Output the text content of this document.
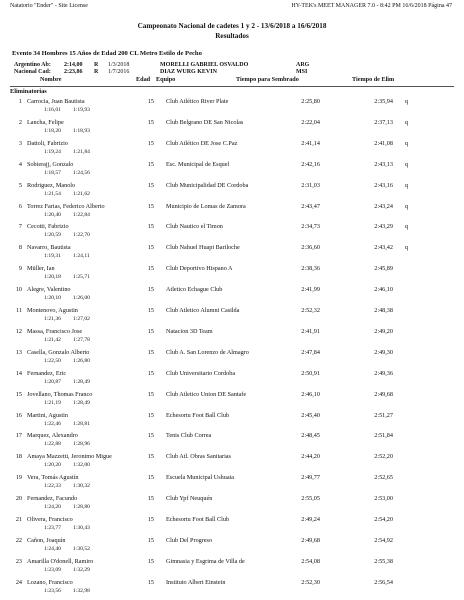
Natatorio "Ender" - Site License	HY-TEK's MEET MANAGER 7.0 - 8:42 PM 16/6/2018 Página 47
Campeonato Nacional de cadetes 1 y 2 - 13/6/2018 a 16/6/2018
Resultados
Evento 34 Hombres 15 Años de Edad 200 CL Metro Estilo de Pecho
Argentino Ab: 2:14,00 R 1/3/2018	MORELLI GABRIEL OSVALDO	ARG
Nacional Cad: 2:23,86 R 1/7/2016	DIAZ WURG KEVIN	MSI
Nombre	Edad Equipo	Tiempo para Sembrado	Tiempo de Elim
Eliminatorias
1 Carrocia, Juan Bautista	15 Club Atlético River Plate	2:25,80	2:35,94 q
1:16,01 1:19,93
2 Lancha, Felipe	15 Club Belgrano DE San Nicolas	2:22,04	2:37,13 q
1:18,20 1:18,93
3 Dattoli, Fabrizio	15 Club Atlético DE Jose C.Paz	2:41,14	2:41,08 q
1:19,24 1:21,84
4 Sobierajj, Gonzalo	15 Esc. Municipal de Esquel	2:42,16	2:43,13 q
1:18,57 1:24,56
5 Rodriguez, Manolo	15 Club Municipalidad DE Cordoba	2:31,03	2:43,16 q
1:21,54 1:21,62
6 Torrez Farias, Federico Alberto	15 Municipio de Lomas de Zamora	2:43,47	2:43,24 q
1:20,40 1:22,84
7 Cecotti, Fabrizio	15 Club Nautico el Timon	2:34,73	2:43,29 q
1:20,59 1:22,70
8 Navarro, Bautista	15 Club Nahuel Huapi Bariloche	2:36,60	2:43,42 q
1:19,31 1:24,11
9 Müller, Ian	15 Club Deportivo Hispano A	2:38,36	2:45,89
1:20,18 1:25,71
10 Alegre, Valentino	15 Atletico Echague Club	2:41,99	2:46,10
1:20,10 1:26,00
11 Montenovo, Agustin	15 Club Atletico Alumni Casilda	2:52,32	2:48,38
1:21,36 1:27,02
12 Massa, Francisco Jose	15 Natacion 3D Team	2:41,91	2:49,20
1:21,42 1:27,78
13 Casella, Gonzalo Alberto	15 Club A. San Lorenzo de Almagro	2:47,84	2:49,30
1:22,50 1:26,80
14 Fernandez, Eric	15 Club Universitario Cordoba	2:50,91	2:49,36
1:20,87 1:28,49
15 Jovellano, Thomas Franco	15 Club Atletico Union DE Santafe	2:46,10	2:49,68
1:21,19 1:28,49
16 Martini, Agustin	15 Echesortu Foot Ball Club	2:45,40	2:51,27
1:22,46 1:28,81
17 Marquez, Alexandro	15 Tenis Club Correa	2:48,45	2:51,84
1:22,88 1:28,96
18 Amaya Mazzetti, Jeronimo Migue	15 Club Atl. Obras Sanitarias	2:44,20	2:52,20
1:20,20 1:32,00
19 Vera, Tomás Agustín	15 Escuela Municipal Ushuaia	2:49,77	2:52,65
1:22,33 1:30,32
20 Fernandez, Facundo	15 Club Ypf Neuquén	2:55,05	2:53,00
1:24,20 1:28,80
21 Olivera, Francisco	15 Echesortu Foot Ball Club	2:49,24	2:54,20
1:23,77 1:30,43
22 Cañon, Joaquín	15 Club Del Progreso	2:49,68	2:54,92
1:24,40 1:30,52
23 Amarilla O'donell, Ramiro	15 Gimnasia y Esgrima de Villa de	2:54,08	2:55,38
1:23,09 1:32,29
24 Lozano, Francisco	15 Instituto Albert Einstein	2:52,30	2:56,54
1:23,56 1:32,98
